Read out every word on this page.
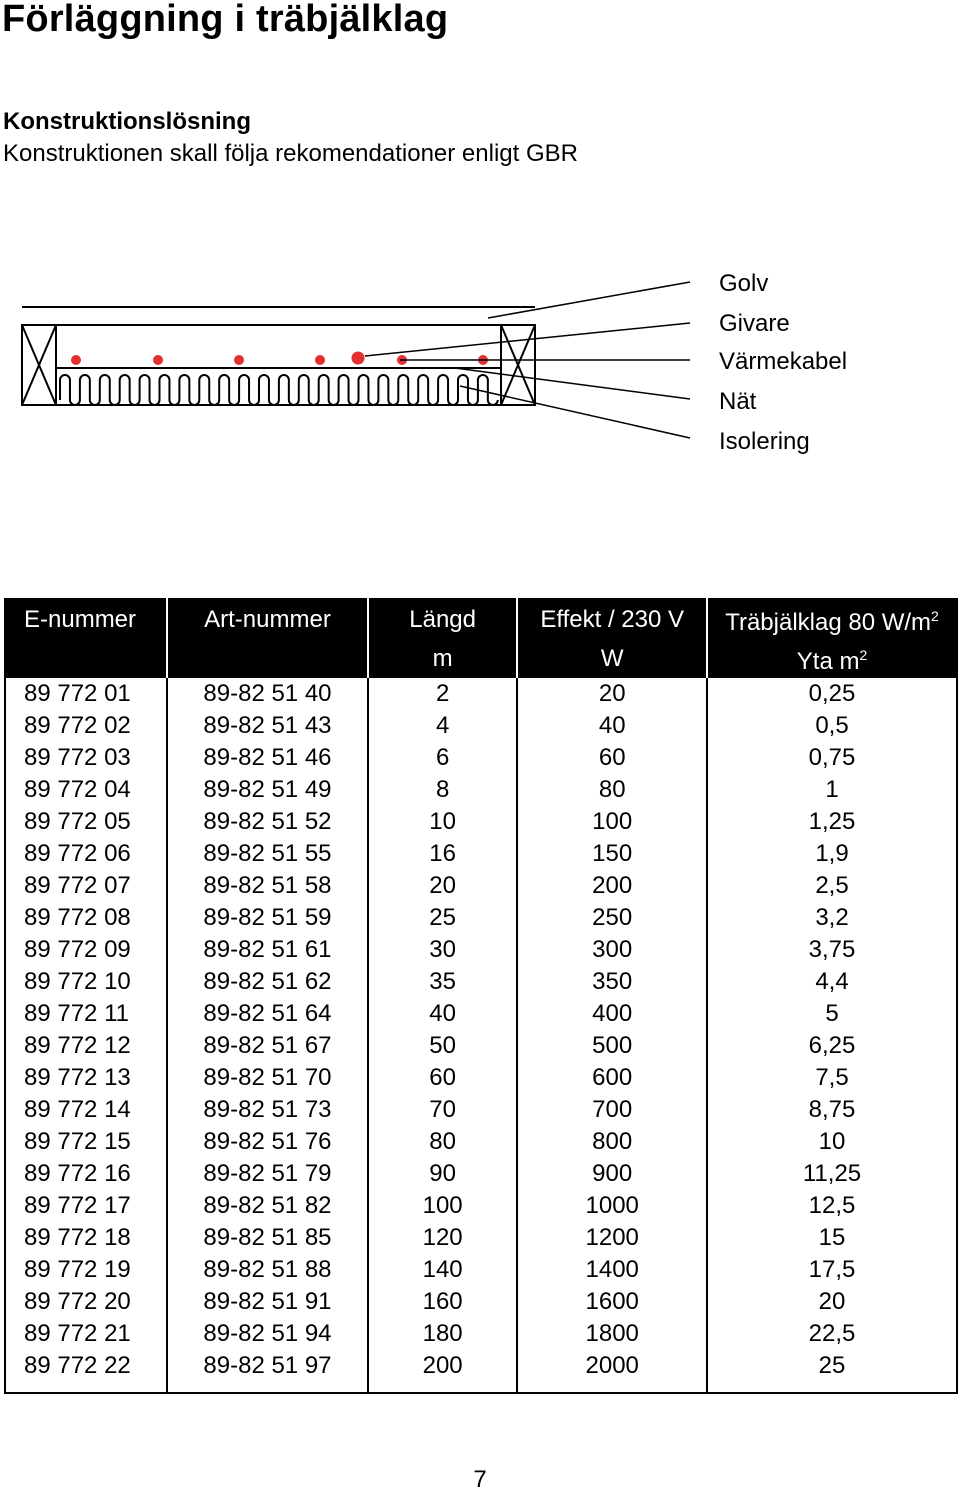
Förläggning i träbjälklag
Konstruktionslösning
Konstruktionen skall följa rekomendationer enligt GBR
Golv
Givare
Värmekabel
Nät
Isolering
E-nummer	Art-nummer	Längd	Effekt / 230 V	Träbjälklag 80 $W/m^2$
		m	W	Yta $m^2$
89 772 01	89-82 51 40	2	20	0,25
89 772 02	89-82 51 43	4	40	0,5
89 772 03	89-82 51 46	6	60	0,75
89 772 04	89-82 51 49	8	80	1
89 772 05	89-82 51 52	10	100	1,25
89 772 06	89-82 51 55	16	150	1,9
89 772 07	89-82 51 58	20	200	2,5
89 772 08	89-82 51 59	25	250	3,2
89 772 09	89-82 51 61	30	300	3,75
89 772 10	89-82 51 62	35	350	4,4
89 772 11	89-82 51 64	40	400	5
89 772 12	89-82 51 67	50	500	6,25
89 772 13	89-82 51 70	60	600	7,5
89 772 14	89-82 51 73	70	700	8,75
89 772 15	89-82 51 76	80	800	10
89 772 16	89-82 51 79	90	900	11,25
89 772 17	89-82 51 82	100	1000	12,5
89 772 18	89-82 51 85	120	1200	15
89 772 19	89-82 51 88	140	1400	17,5
89 772 20	89-82 51 91	160	1600	20
89 772 21	89-82 51 94	180	1800	22,5
89 772 22	89-82 51 97	200	2000	25
7
